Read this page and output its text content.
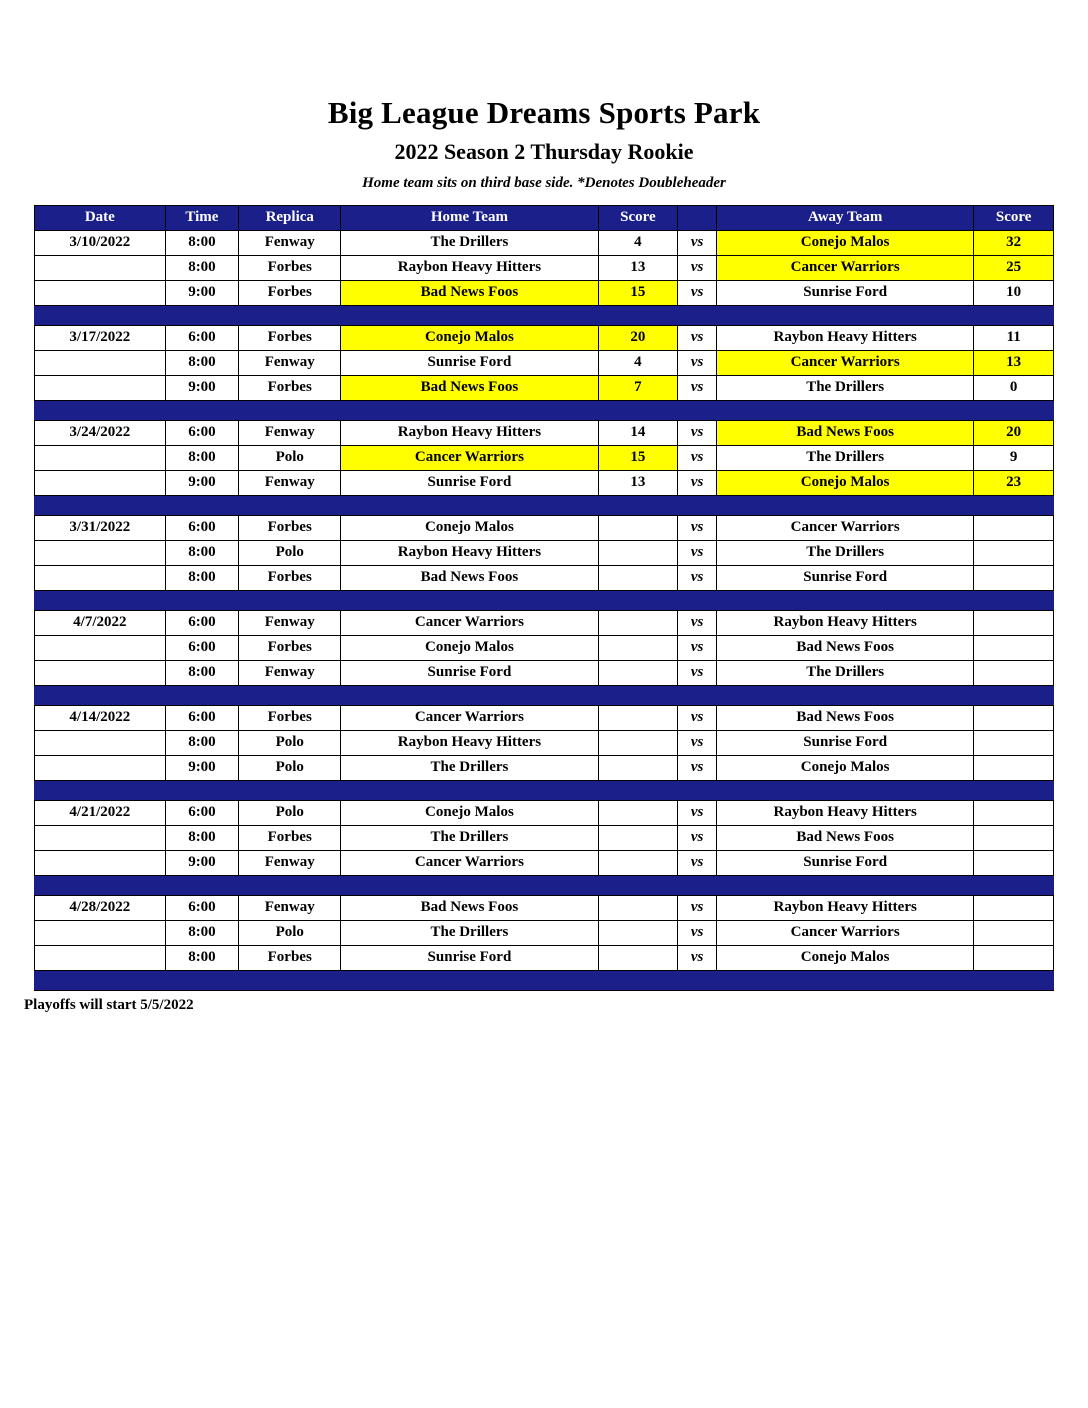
Big League Dreams Sports Park
2022 Season 2 Thursday Rookie

Home team sits on third base side. *Denotes Doubleheader

Date	Time	Replica	Home Team	Score		Away Team	Score
3/10/2022	8:00	Fenway	The Drillers	4	vs	Conejo Malos	32
	8:00	Forbes	Raybon Heavy Hitters	13	vs	Cancer Warriors	25
	9:00	Forbes	Bad News Foos	15	vs	Sunrise Ford	10

3/17/2022	6:00	Forbes	Conejo Malos	20	vs	Raybon Heavy Hitters	11
	8:00	Fenway	Sunrise Ford	4	vs	Cancer Warriors	13
	9:00	Forbes	Bad News Foos	7	vs	The Drillers	0

3/24/2022	6:00	Fenway	Raybon Heavy Hitters	14	vs	Bad News Foos	20
	8:00	Polo	Cancer Warriors	15	vs	The Drillers	9
	9:00	Fenway	Sunrise Ford	13	vs	Conejo Malos	23

3/31/2022	6:00	Forbes	Conejo Malos		vs	Cancer Warriors	
	8:00	Polo	Raybon Heavy Hitters		vs	The Drillers	
	8:00	Forbes	Bad News Foos		vs	Sunrise Ford	

4/7/2022	6:00	Fenway	Cancer Warriors		vs	Raybon Heavy Hitters	
	6:00	Forbes	Conejo Malos		vs	Bad News Foos	
	8:00	Fenway	Sunrise Ford		vs	The Drillers	

4/14/2022	6:00	Forbes	Cancer Warriors		vs	Bad News Foos	
	8:00	Polo	Raybon Heavy Hitters		vs	Sunrise Ford	
	9:00	Polo	The Drillers		vs	Conejo Malos	

4/21/2022	6:00	Polo	Conejo Malos		vs	Raybon Heavy Hitters	
	8:00	Forbes	The Drillers		vs	Bad News Foos	
	9:00	Fenway	Cancer Warriors		vs	Sunrise Ford	

4/28/2022	6:00	Fenway	Bad News Foos		vs	Raybon Heavy Hitters	
	8:00	Polo	The Drillers		vs	Cancer Warriors	
	8:00	Forbes	Sunrise Ford		vs	Conejo Malos	

Playoffs will start 5/5/2022
